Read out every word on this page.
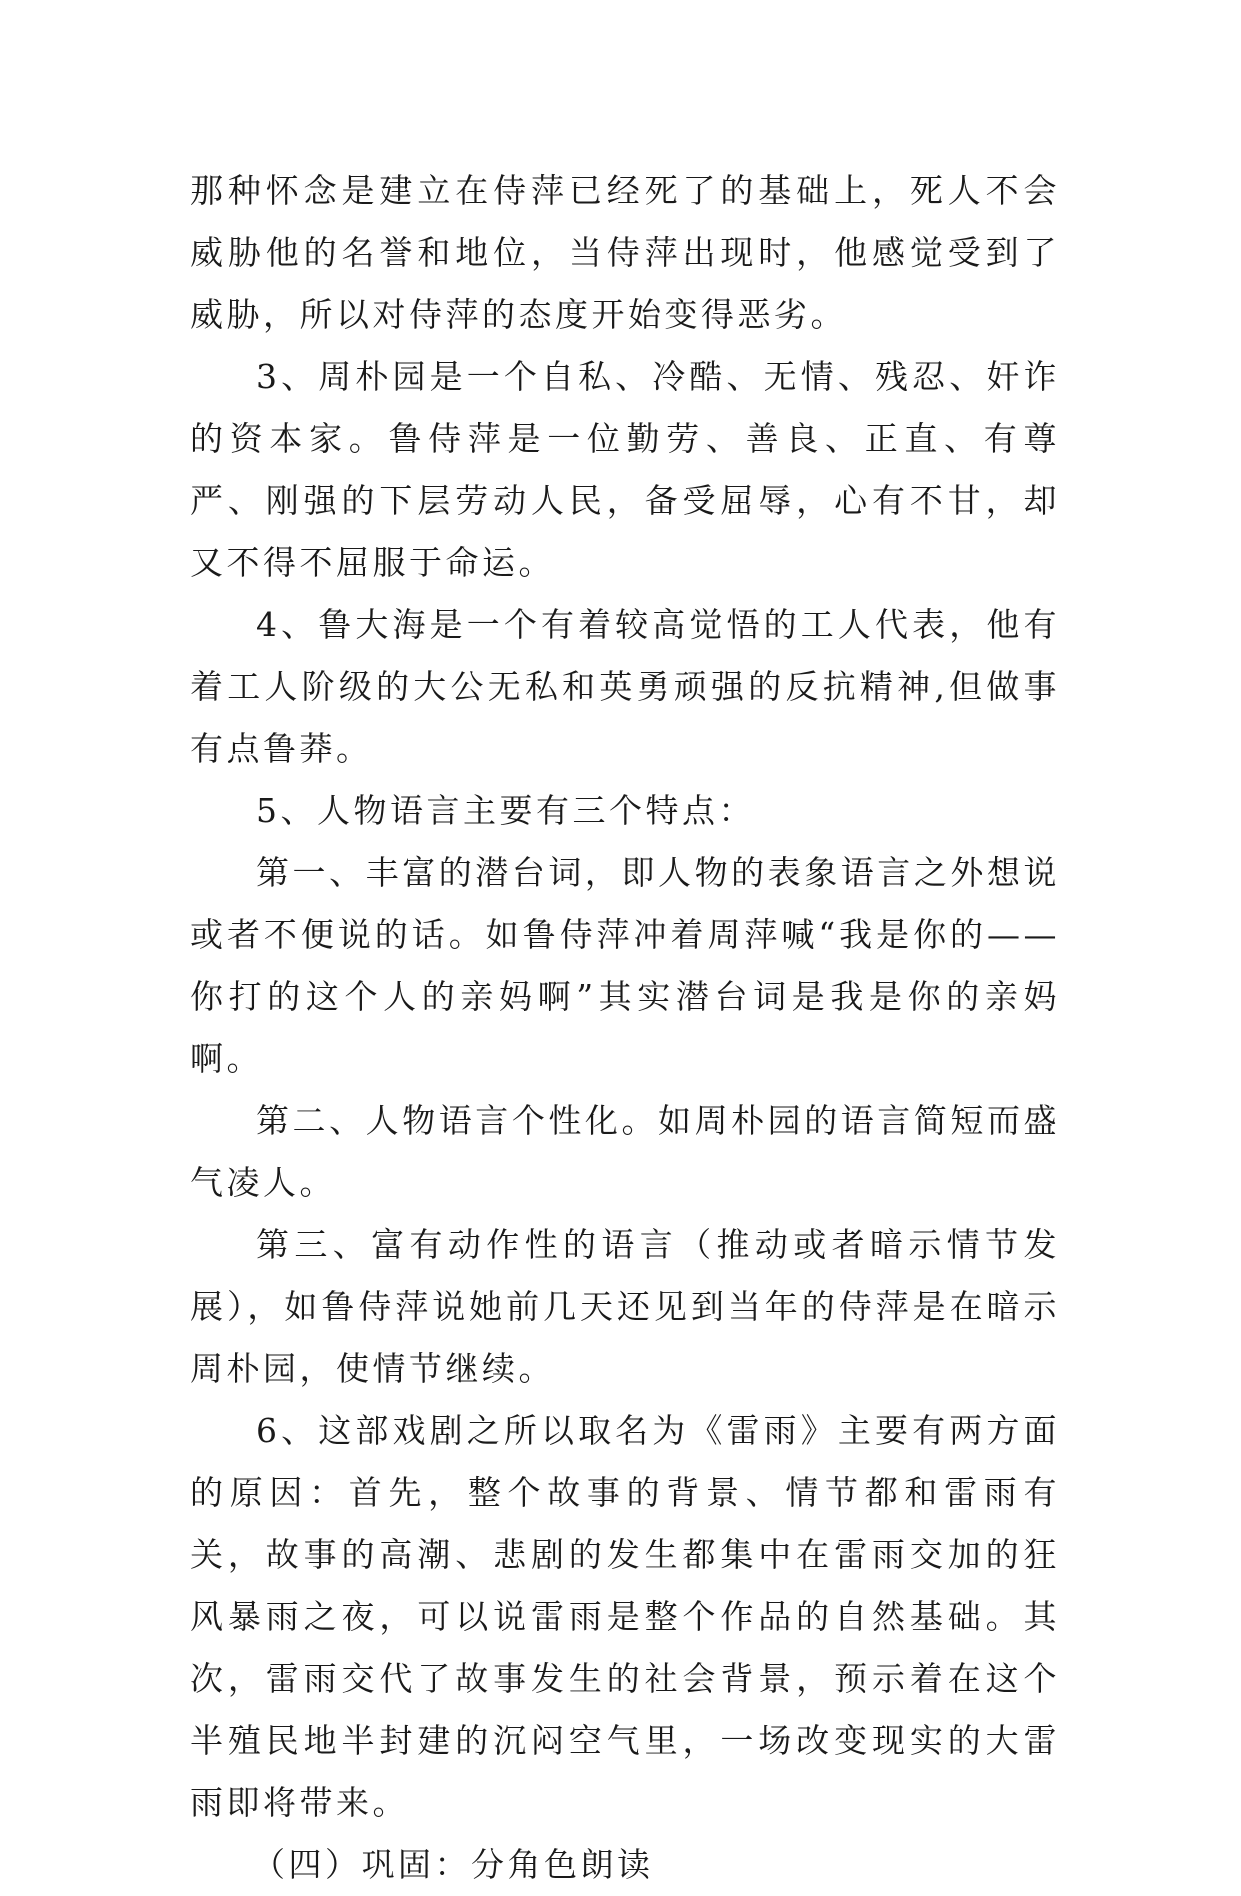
那种怀念是建立在侍萍已经死了的基础上，死人不会威胁他的名誉和地位，当侍萍出现时，他感觉受到了威胁，所以对侍萍的态度开始变得恶劣。

3、周朴园是一个自私、冷酷、无情、残忍、奸诈的资本家。鲁侍萍是一位勤劳、善良、正直、有尊严、刚强的下层劳动人民，备受屈辱，心有不甘，却又不得不屈服于命运。

4、鲁大海是一个有着较高觉悟的工人代表，他有着工人阶级的大公无私和英勇顽强的反抗精神,但做事有点鲁莽。

5、人物语言主要有三个特点：

第一、丰富的潜台词，即人物的表象语言之外想说或者不便说的话。如鲁侍萍冲着周萍喊“我是你的——你打的这个人的亲妈啊”其实潜台词是我是你的亲妈啊。

第二、人物语言个性化。如周朴园的语言简短而盛气凌人。

第三、富有动作性的语言（推动或者暗示情节发展），如鲁侍萍说她前几天还见到当年的侍萍是在暗示周朴园，使情节继续。

6、这部戏剧之所以取名为《雷雨》主要有两方面的原因：首先，整个故事的背景、情节都和雷雨有关，故事的高潮、悲剧的发生都集中在雷雨交加的狂风暴雨之夜，可以说雷雨是整个作品的自然基础。其次，雷雨交代了故事发生的社会背景，预示着在这个半殖民地半封建的沉闷空气里，一场改变现实的大雷雨即将带来。

（四）巩固：分角色朗读
